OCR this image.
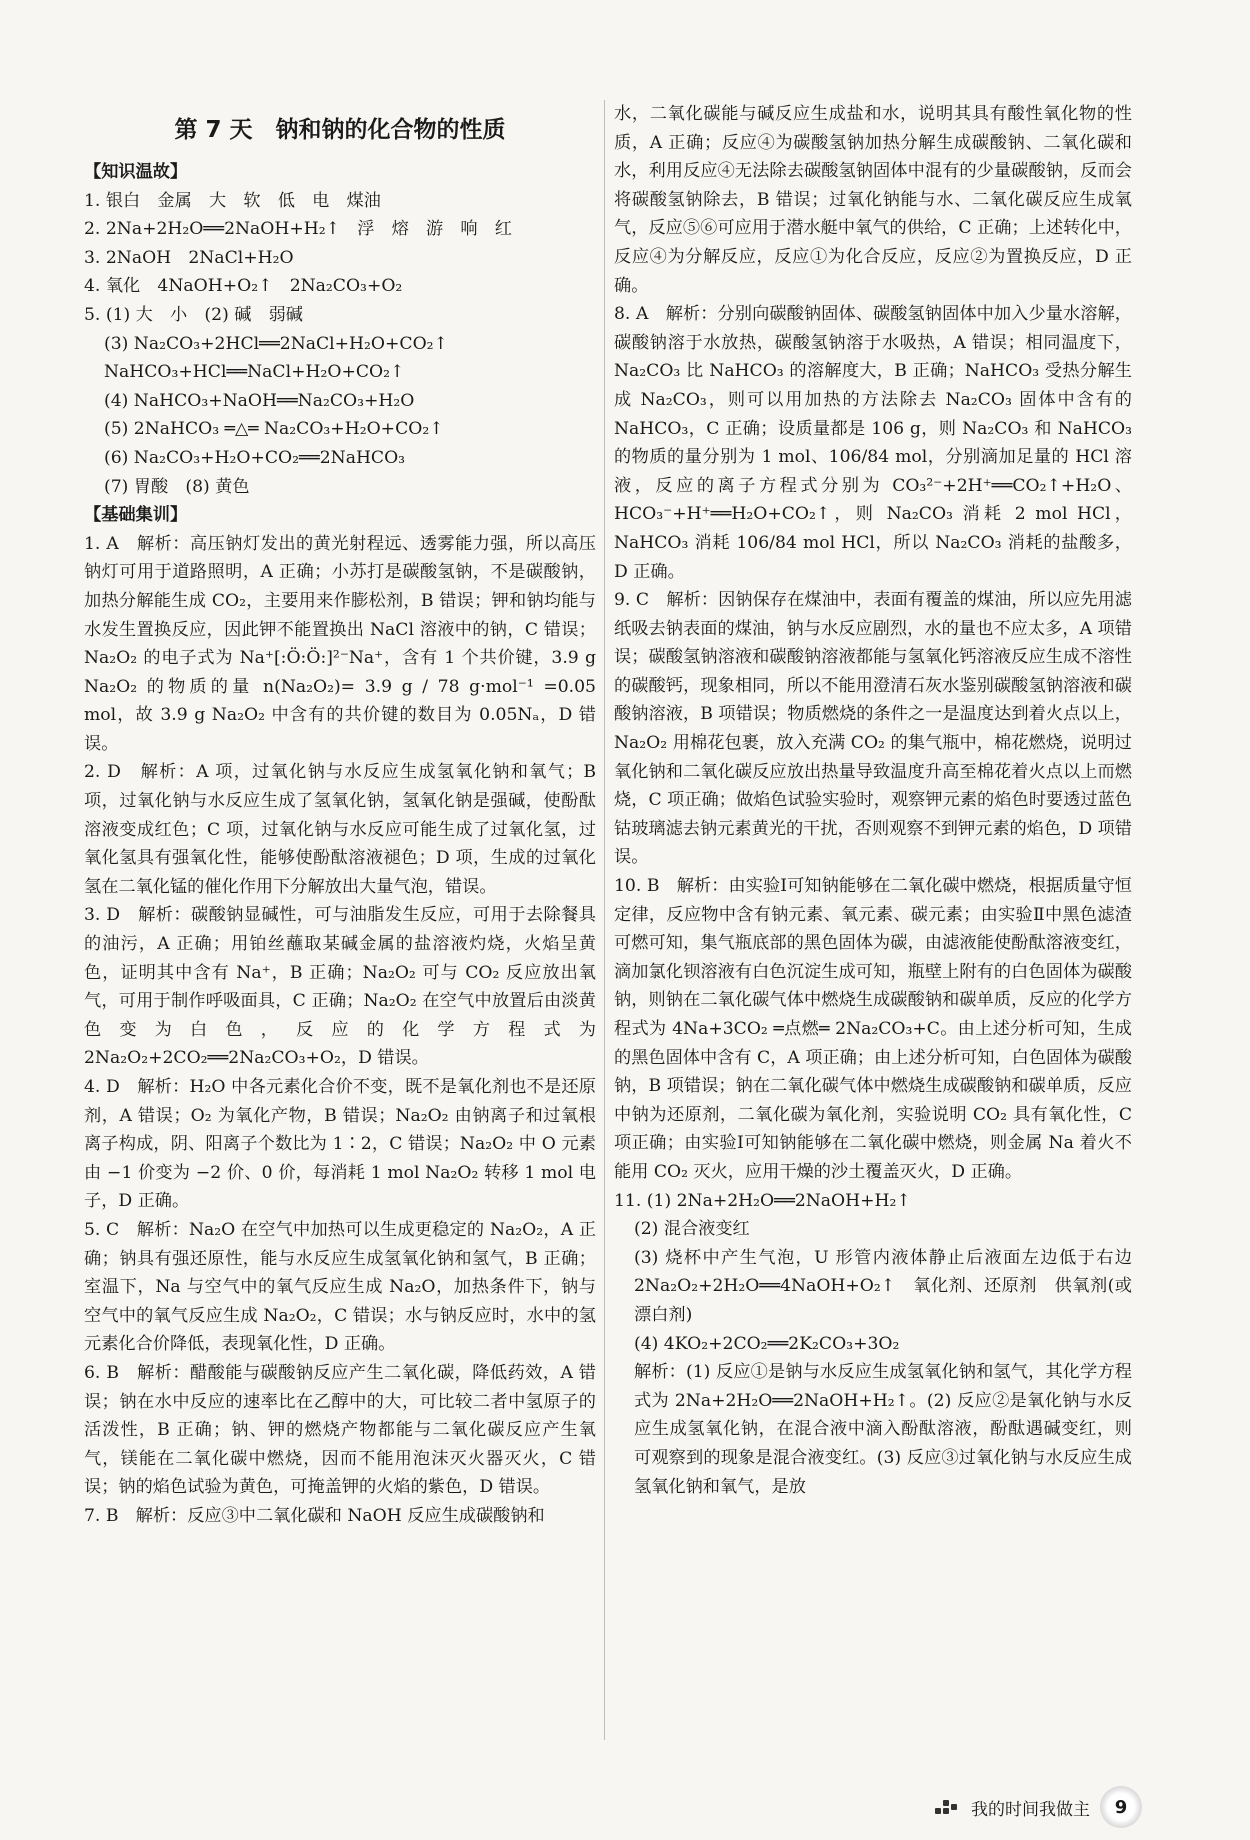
第 7 天　钠和钠的化合物的性质

【知识温故】

1. 银白　金属　大　软　低　电　煤油

2. 2Na+2H₂O══2NaOH+H₂↑　浮　熔　游　响　红

3. 2NaOH　2NaCl+H₂O

4. 氧化　4NaOH+O₂↑　2Na₂CO₃+O₂

5. (1) 大　小　(2) 碱　弱碱

(3) Na₂CO₃+2HCl══2NaCl+H₂O+CO₂↑

NaHCO₃+HCl══NaCl+H₂O+CO₂↑

(4) NaHCO₃+NaOH══Na₂CO₃+H₂O

(5) 2NaHCO₃ ═△═ Na₂CO₃+H₂O+CO₂↑

(6) Na₂CO₃+H₂O+CO₂══2NaHCO₃

(7) 胃酸　(8) 黄色

【基础集训】

1. A　解析：高压钠灯发出的黄光射程远、透雾能力强，所以高压钠灯可用于道路照明，A 正确；小苏打是碳酸氢钠，不是碳酸钠，加热分解能生成 CO₂，主要用来作膨松剂，B 错误；钾和钠均能与水发生置换反应，因此钾不能置换出 NaCl 溶液中的钠，C 错误；Na₂O₂ 的电子式为 Na⁺[:Ö:Ö:]²⁻Na⁺，含有 1 个共价键，3.9 g Na₂O₂ 的物质的量 n(Na₂O₂)= 3.9 g / 78 g·mol⁻¹ =0.05 mol，故 3.9 g Na₂O₂ 中含有的共价键的数目为 0.05Nₐ，D 错误。

2. D　解析：A 项，过氧化钠与水反应生成氢氧化钠和氧气；B 项，过氧化钠与水反应生成了氢氧化钠，氢氧化钠是强碱，使酚酞溶液变成红色；C 项，过氧化钠与水反应可能生成了过氧化氢，过氧化氢具有强氧化性，能够使酚酞溶液褪色；D 项，生成的过氧化氢在二氧化锰的催化作用下分解放出大量气泡，错误。

3. D　解析：碳酸钠显碱性，可与油脂发生反应，可用于去除餐具的油污，A 正确；用铂丝蘸取某碱金属的盐溶液灼烧，火焰呈黄色，证明其中含有 Na⁺，B 正确；Na₂O₂ 可与 CO₂ 反应放出氧气，可用于制作呼吸面具，C 正确；Na₂O₂ 在空气中放置后由淡黄色变为白色，反应的化学方程式为 2Na₂O₂+2CO₂══2Na₂CO₃+O₂，D 错误。

4. D　解析：H₂O 中各元素化合价不变，既不是氧化剂也不是还原剂，A 错误；O₂ 为氧化产物，B 错误；Na₂O₂ 由钠离子和过氧根离子构成，阴、阳离子个数比为 1∶2，C 错误；Na₂O₂ 中 O 元素由 −1 价变为 −2 价、0 价，每消耗 1 mol Na₂O₂ 转移 1 mol 电子，D 正确。

5. C　解析：Na₂O 在空气中加热可以生成更稳定的 Na₂O₂，A 正确；钠具有强还原性，能与水反应生成氢氧化钠和氢气，B 正确；室温下，Na 与空气中的氧气反应生成 Na₂O，加热条件下，钠与空气中的氧气反应生成 Na₂O₂，C 错误；水与钠反应时，水中的氢元素化合价降低，表现氧化性，D 正确。

6. B　解析：醋酸能与碳酸钠反应产生二氧化碳，降低药效，A 错误；钠在水中反应的速率比在乙醇中的大，可比较二者中氢原子的活泼性，B 正确；钠、钾的燃烧产物都能与二氧化碳反应产生氧气，镁能在二氧化碳中燃烧，因而不能用泡沫灭火器灭火，C 错误；钠的焰色试验为黄色，可掩盖钾的火焰的紫色，D 错误。

7. B　解析：反应③中二氧化碳和 NaOH 反应生成碳酸钠和

水，二氧化碳能与碱反应生成盐和水，说明其具有酸性氧化物的性质，A 正确；反应④为碳酸氢钠加热分解生成碳酸钠、二氧化碳和水，利用反应④无法除去碳酸氢钠固体中混有的少量碳酸钠，反而会将碳酸氢钠除去，B 错误；过氧化钠能与水、二氧化碳反应生成氧气，反应⑤⑥可应用于潜水艇中氧气的供给，C 正确；上述转化中，反应④为分解反应，反应①为化合反应，反应②为置换反应，D 正确。

8. A　解析：分别向碳酸钠固体、碳酸氢钠固体中加入少量水溶解，碳酸钠溶于水放热，碳酸氢钠溶于水吸热，A 错误；相同温度下，Na₂CO₃ 比 NaHCO₃ 的溶解度大，B 正确；NaHCO₃ 受热分解生成 Na₂CO₃，则可以用加热的方法除去 Na₂CO₃ 固体中含有的 NaHCO₃，C 正确；设质量都是 106 g，则 Na₂CO₃ 和 NaHCO₃ 的物质的量分别为 1 mol、106/84 mol，分别滴加足量的 HCl 溶液，反应的离子方程式分别为 CO₃²⁻+2H⁺══CO₂↑+H₂O、HCO₃⁻+H⁺══H₂O+CO₂↑，则 Na₂CO₃ 消耗 2 mol HCl，NaHCO₃ 消耗 106/84 mol HCl，所以 Na₂CO₃ 消耗的盐酸多，D 正确。

9. C　解析：因钠保存在煤油中，表面有覆盖的煤油，所以应先用滤纸吸去钠表面的煤油，钠与水反应剧烈，水的量也不应太多，A 项错误；碳酸氢钠溶液和碳酸钠溶液都能与氢氧化钙溶液反应生成不溶性的碳酸钙，现象相同，所以不能用澄清石灰水鉴别碳酸氢钠溶液和碳酸钠溶液，B 项错误；物质燃烧的条件之一是温度达到着火点以上，Na₂O₂ 用棉花包裹，放入充满 CO₂ 的集气瓶中，棉花燃烧，说明过氧化钠和二氧化碳反应放出热量导致温度升高至棉花着火点以上而燃烧，C 项正确；做焰色试验实验时，观察钾元素的焰色时要透过蓝色钴玻璃滤去钠元素黄光的干扰，否则观察不到钾元素的焰色，D 项错误。

10. B　解析：由实验Ⅰ可知钠能够在二氧化碳中燃烧，根据质量守恒定律，反应物中含有钠元素、氧元素、碳元素；由实验Ⅱ中黑色滤渣可燃可知，集气瓶底部的黑色固体为碳，由滤液能使酚酞溶液变红，滴加氯化钡溶液有白色沉淀生成可知，瓶壁上附有的白色固体为碳酸钠，则钠在二氧化碳气体中燃烧生成碳酸钠和碳单质，反应的化学方程式为 4Na+3CO₂ ═点燃═ 2Na₂CO₃+C。由上述分析可知，生成的黑色固体中含有 C，A 项正确；由上述分析可知，白色固体为碳酸钠，B 项错误；钠在二氧化碳气体中燃烧生成碳酸钠和碳单质，反应中钠为还原剂，二氧化碳为氧化剂，实验说明 CO₂ 具有氧化性，C 项正确；由实验Ⅰ可知钠能够在二氧化碳中燃烧，则金属 Na 着火不能用 CO₂ 灭火，应用干燥的沙土覆盖灭火，D 正确。

11. (1) 2Na+2H₂O══2NaOH+H₂↑

(2) 混合液变红

(3) 烧杯中产生气泡，U 形管内液体静止后液面左边低于右边　2Na₂O₂+2H₂O══4NaOH+O₂↑　氧化剂、还原剂　供氧剂(或漂白剂)

(4) 4KO₂+2CO₂══2K₂CO₃+3O₂

解析：(1) 反应①是钠与水反应生成氢氧化钠和氢气，其化学方程式为 2Na+2H₂O══2NaOH+H₂↑。(2) 反应②是氧化钠与水反应生成氢氧化钠，在混合液中滴入酚酞溶液，酚酞遇碱变红，则可观察到的现象是混合液变红。(3) 反应③过氧化钠与水反应生成氢氧化钠和氧气，是放

我的时间我做主	9
